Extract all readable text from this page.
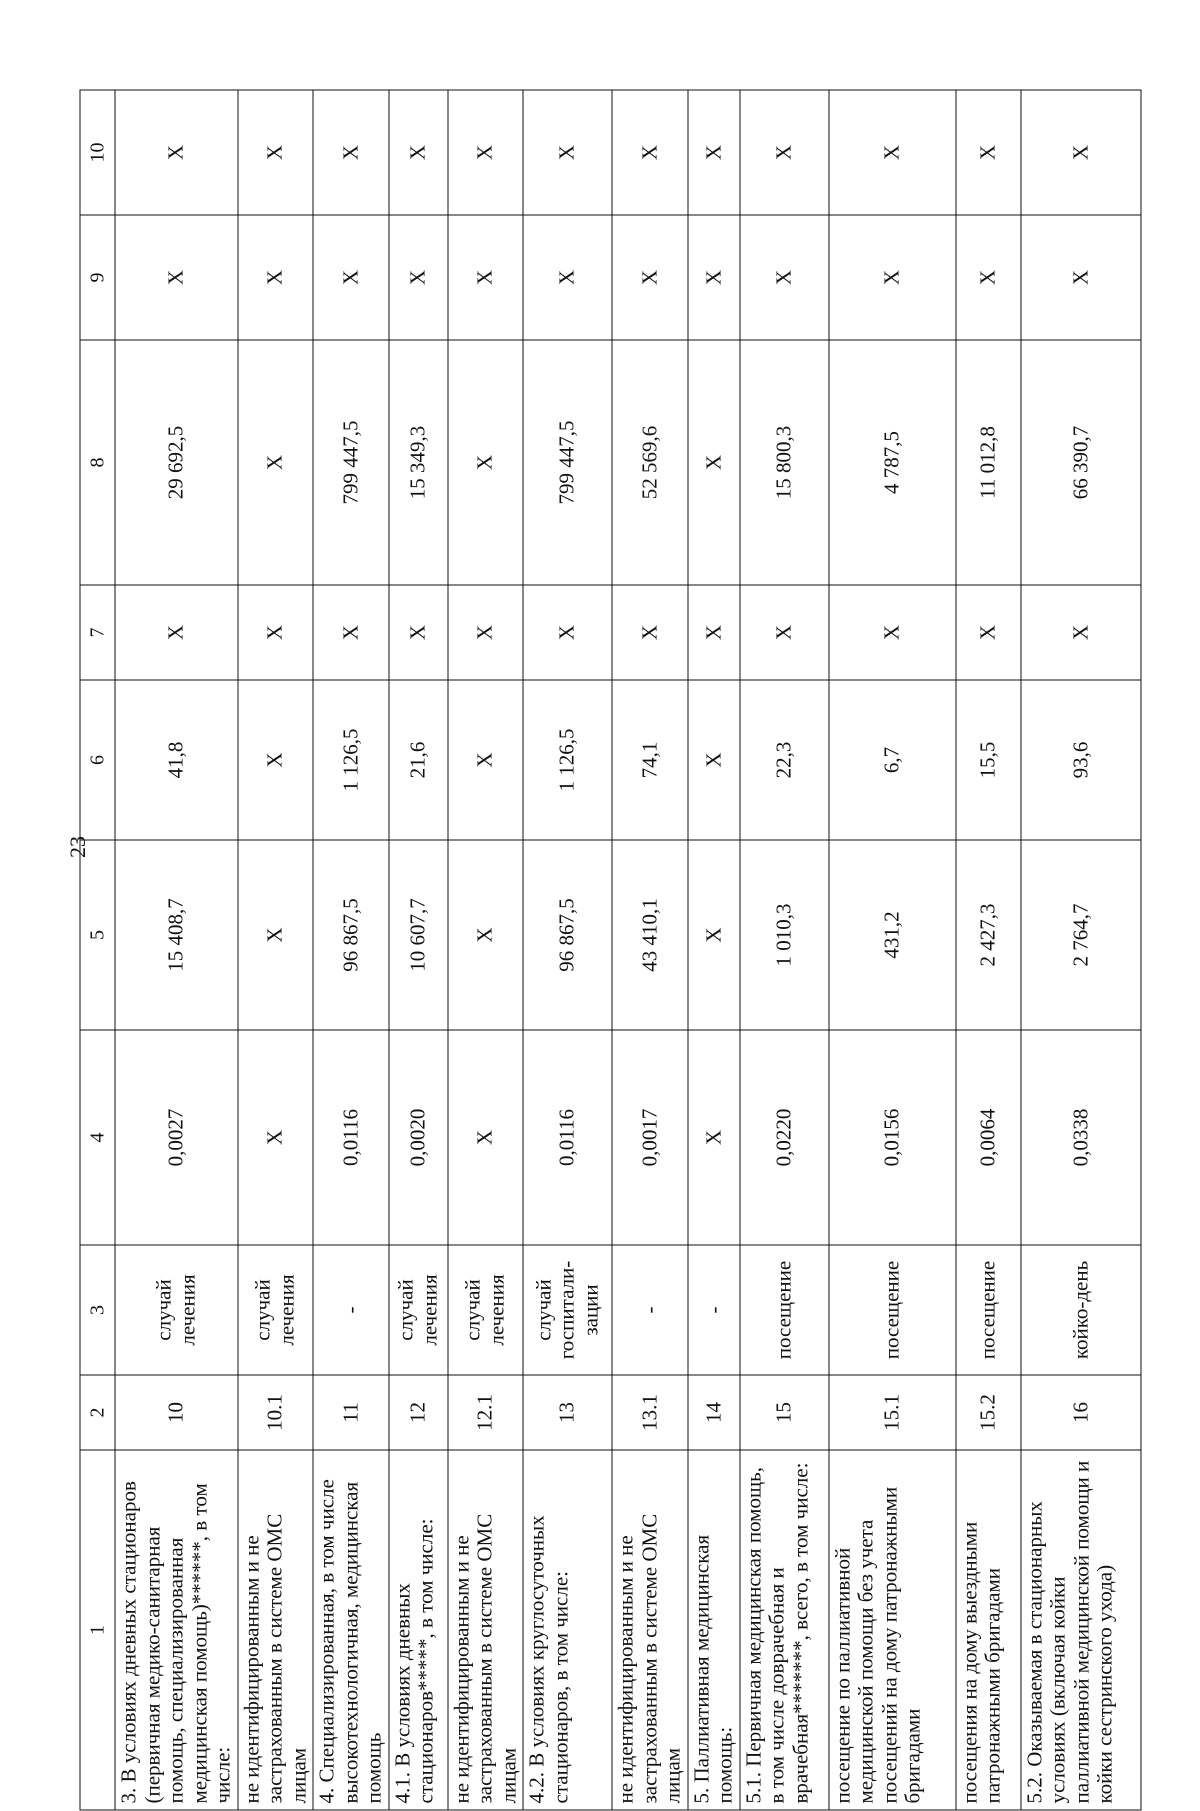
23
1	2	3	4	5	6	7	8	9	10
3. В условиях дневных стационаров (первичная медико-санитарная помощь, специализированная медицинская помощь)******, в том числе:	10	случай лечения	0,0027	15 408,7	41,8	X	29 692,5	X	X
не идентифицированным и не застрахованным в системе ОМС лицам	10.1	случай лечения	X	X	X	X	X	X	X
4. Специализированная, в том числе высокотехнологичная, медицинская помощь	11	-	0,0116	96 867,5	1 126,5	X	799 447,5	X	X
4.1. В условиях дневных стационаров*****, в том числе:	12	случай лечения	0,0020	10 607,7	21,6	X	15 349,3	X	X
не идентифицированным и не застрахованным в системе ОМС лицам	12.1	случай лечения	X	X	X	X	X	X	X
4.2. В условиях круглосуточных стационаров, в том числе:	13	случай госпитали-зации	0,0116	96 867,5	1 126,5	X	799 447,5	X	X
не идентифицированным и не застрахованным в системе ОМС лицам	13.1	-	0,0017	43 410,1	74,1	X	52 569,6	X	X
5. Паллиативная медицинская помощь:	14	-	X	X	X	X	X	X	X
5.1. Первичная медицинская помощь, в том числе доврачебная и врачебная*******, всего, в том числе:	15	посещение	0,0220	1 010,3	22,3	X	15 800,3	X	X
посещение по паллиативной медицинской помощи без учета посещений на дому патронажными бригадами	15.1	посещение	0,0156	431,2	6,7	X	4 787,5	X	X
посещения на дому выездными патронажными бригадами	15.2	посещение	0,0064	2 427,3	15,5	X	11 012,8	X	X
5.2. Оказываемая в стационарных условиях (включая койки паллиативной медицинской помощи и койки сестринского ухода)	16	койко-день	0,0338	2 764,7	93,6	X	66 390,7	X	X
